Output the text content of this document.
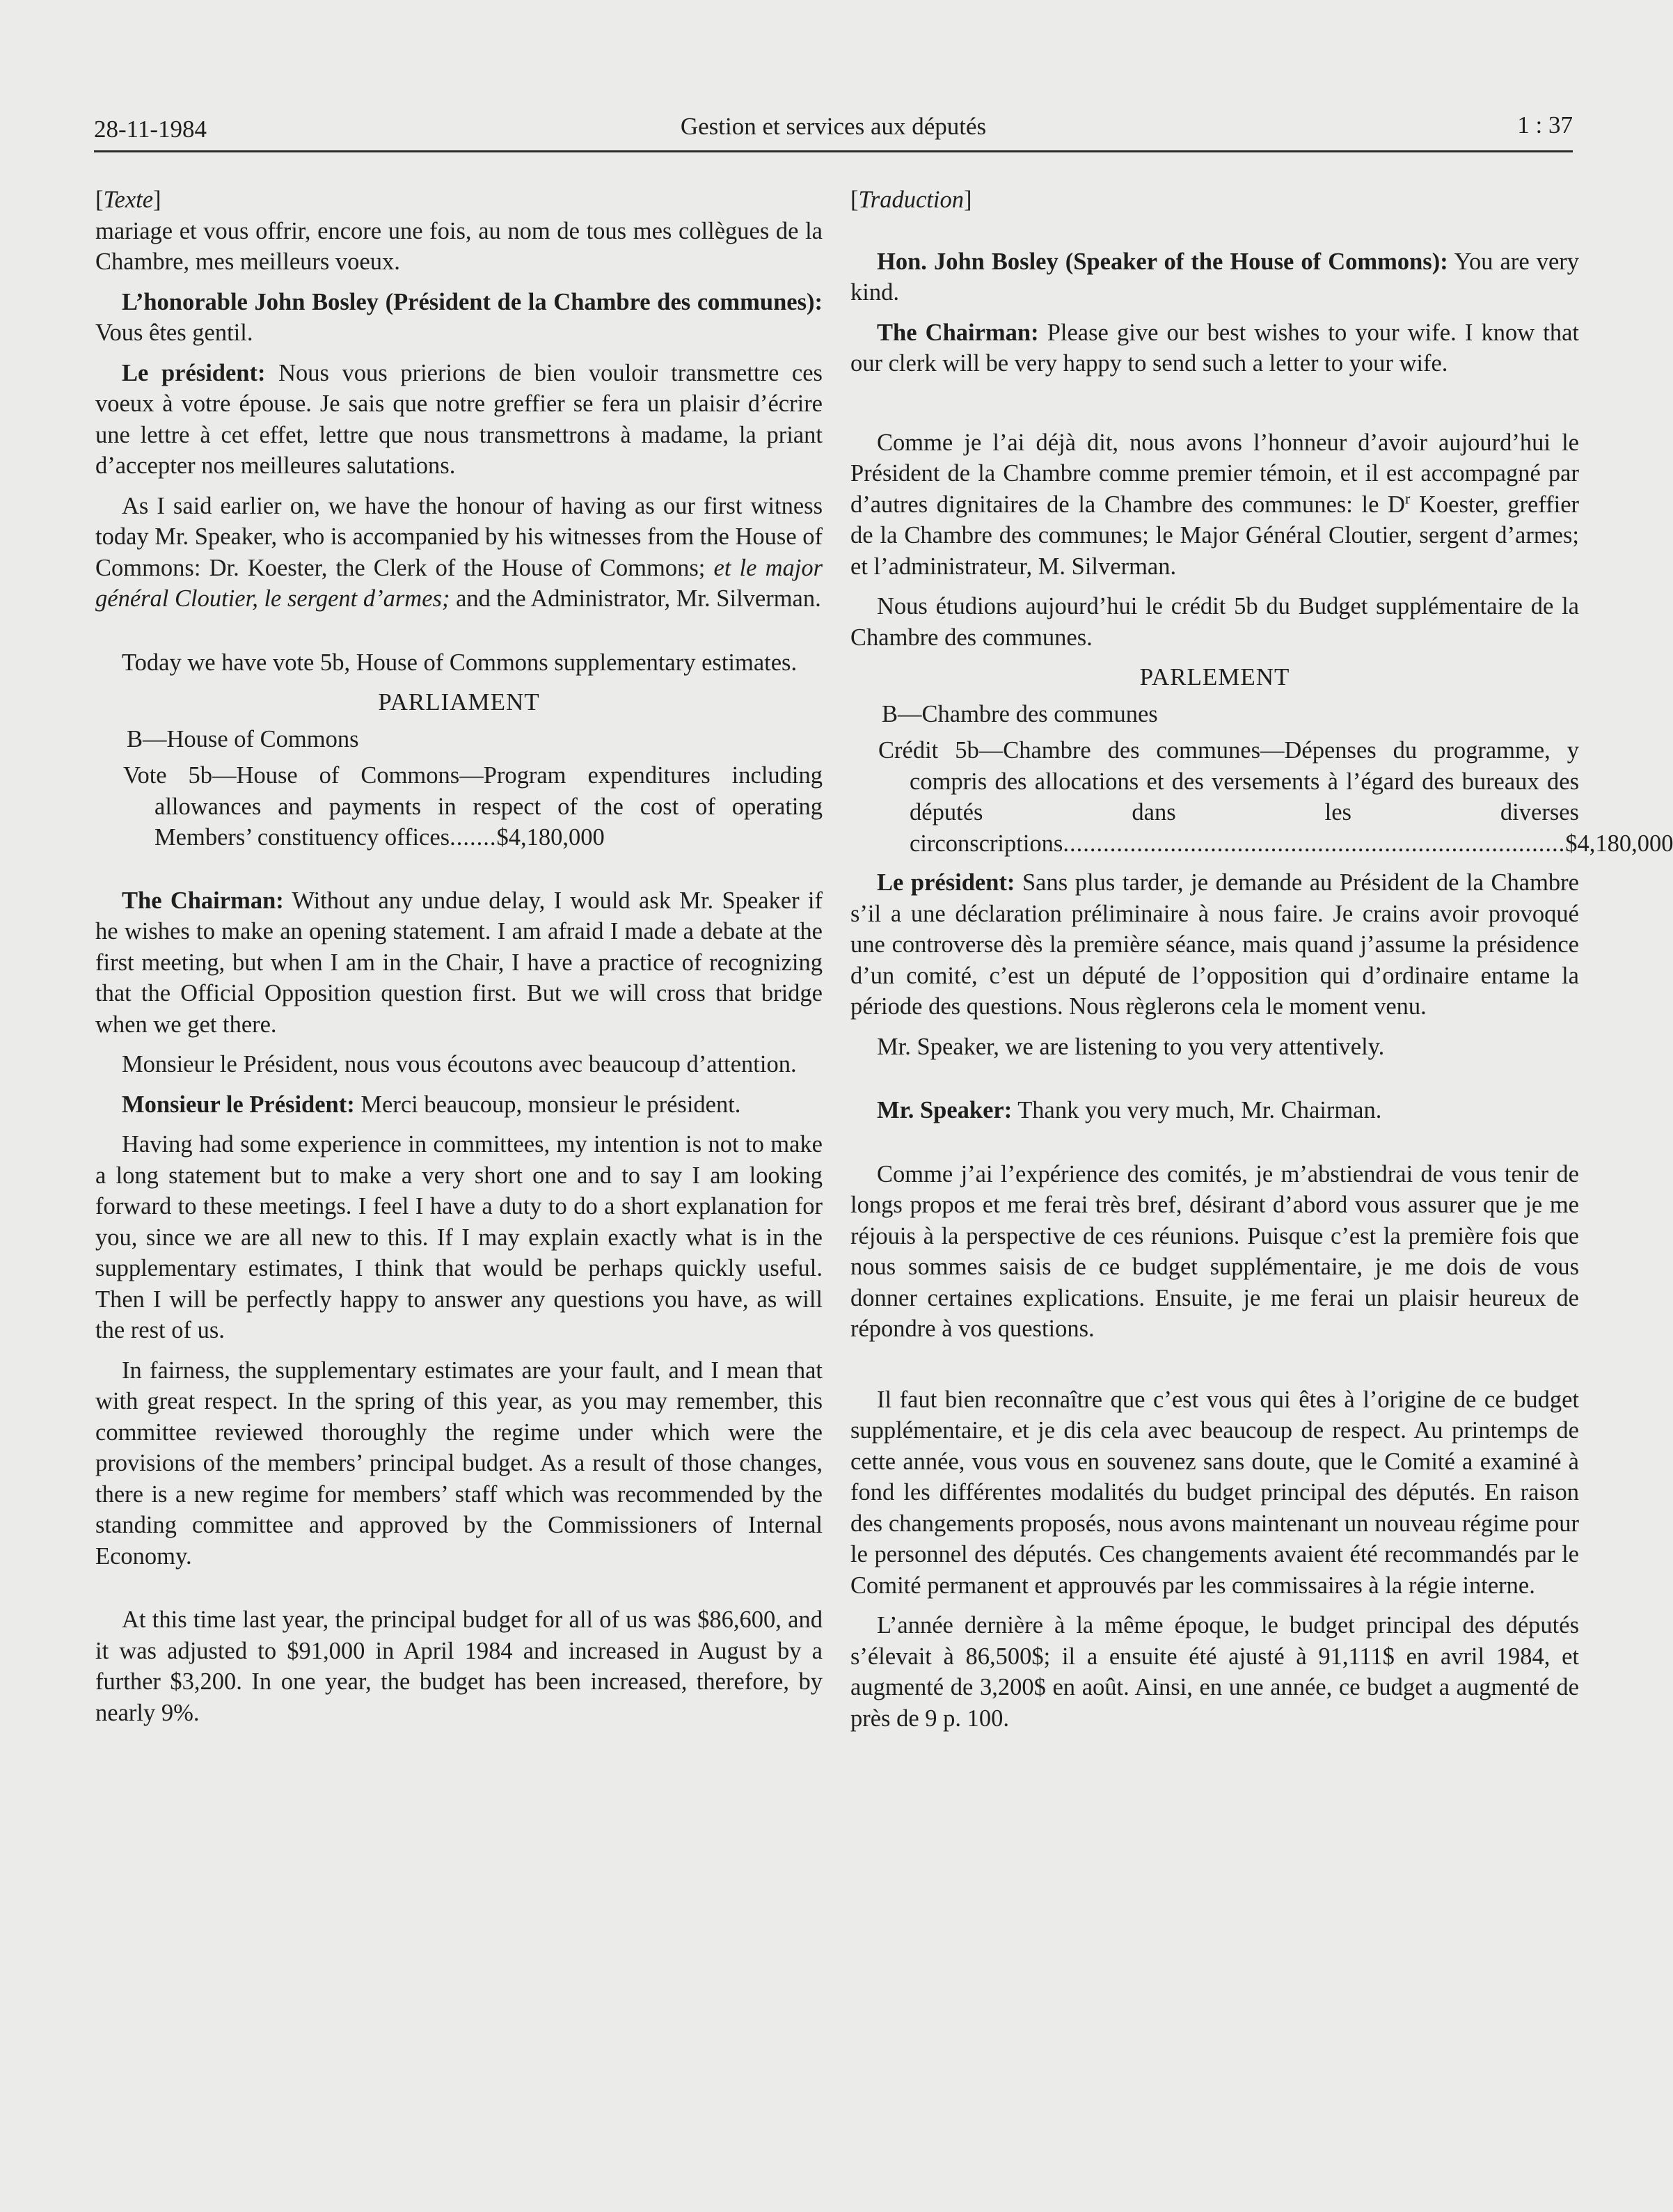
28-11-1984	Gestion et services aux députés	1 : 37

[Texte]

mariage et vous offrir, encore une fois, au nom de tous mes collègues de la Chambre, mes meilleurs voeux.

L’honorable John Bosley (Président de la Chambre des communes): Vous êtes gentil.

Le président: Nous vous prierions de bien vouloir transmettre ces voeux à votre épouse. Je sais que notre greffier se fera un plaisir d’écrire une lettre à cet effet, lettre que nous transmettrons à madame, la priant d’accepter nos meilleures salutations.

As I said earlier on, we have the honour of having as our first witness today Mr. Speaker, who is accompanied by his witnesses from the House of Commons: Dr. Koester, the Clerk of the House of Commons; et le major général Cloutier, le sergent d’armes; and the Administrator, Mr. Silverman.

Today we have vote 5b, House of Commons supplementary estimates.

PARLIAMENT
B—House of Commons
Vote 5b—House of Commons—Program expenditures including allowances and payments in respect of the cost of operating Members’ constituency offices.......$4,180,000

The Chairman: Without any undue delay, I would ask Mr. Speaker if he wishes to make an opening statement. I am afraid I made a debate at the first meeting, but when I am in the Chair, I have a practice of recognizing that the Official Opposition question first. But we will cross that bridge when we get there.

Monsieur le Président, nous vous écoutons avec beaucoup d’attention.

Monsieur le Président: Merci beaucoup, monsieur le président.

Having had some experience in committees, my intention is not to make a long statement but to make a very short one and to say I am looking forward to these meetings. I feel I have a duty to do a short explanation for you, since we are all new to this. If I may explain exactly what is in the supplementary estimates, I think that would be perhaps quickly useful. Then I will be perfectly happy to answer any questions you have, as will the rest of us.

In fairness, the supplementary estimates are your fault, and I mean that with great respect. In the spring of this year, as you may remember, this committee reviewed thoroughly the regime under which were the provisions of the members’ principal budget. As a result of those changes, there is a new regime for members’ staff which was recommended by the standing committee and approved by the Commissioners of Internal Economy.

At this time last year, the principal budget for all of us was $86,600, and it was adjusted to $91,000 in April 1984 and increased in August by a further $3,200. In one year, the budget has been increased, therefore, by nearly 9%.

[Traduction]

Hon. John Bosley (Speaker of the House of Commons): You are very kind.

The Chairman: Please give our best wishes to your wife. I know that our clerk will be very happy to send such a letter to your wife.

Comme je l’ai déjà dit, nous avons l’honneur d’avoir aujourd’hui le Président de la Chambre comme premier témoin, et il est accompagné par d’autres dignitaires de la Chambre des communes: le $D^r$ Koester, greffier de la Chambre des communes; le Major Général Cloutier, sergent d’armes; et l’administrateur, M. Silverman.

Nous étudions aujourd’hui le crédit 5b du Budget supplémentaire de la Chambre des communes.

PARLEMENT
B—Chambre des communes
Crédit 5b—Chambre des communes—Dépenses du programme, y compris des allocations et des versements à l’égard des bureaux des députés dans les diverses circonscriptions...........................................................................$4,180,000

Le président: Sans plus tarder, je demande au Président de la Chambre s’il a une déclaration préliminaire à nous faire. Je crains avoir provoqué une controverse dès la première séance, mais quand j’assume la présidence d’un comité, c’est un député de l’opposition qui d’ordinaire entame la période des questions. Nous règlerons cela le moment venu.

Mr. Speaker, we are listening to you very attentively.

Mr. Speaker: Thank you very much, Mr. Chairman.

Comme j’ai l’expérience des comités, je m’abstiendrai de vous tenir de longs propos et me ferai très bref, désirant d’abord vous assurer que je me réjouis à la perspective de ces réunions. Puisque c’est la première fois que nous sommes saisis de ce budget supplémentaire, je me dois de vous donner certaines explications. Ensuite, je me ferai un plaisir heureux de répondre à vos questions.

Il faut bien reconnaître que c’est vous qui êtes à l’origine de ce budget supplémentaire, et je dis cela avec beaucoup de respect. Au printemps de cette année, vous vous en souvenez sans doute, que le Comité a examiné à fond les différentes modalités du budget principal des députés. En raison des changements proposés, nous avons maintenant un nouveau régime pour le personnel des députés. Ces changements avaient été recommandés par le Comité permanent et approuvés par les commissaires à la régie interne.

L’année dernière à la même époque, le budget principal des députés s’élevait à 86,500$; il a ensuite été ajusté à 91,111$ en avril 1984, et augmenté de 3,200$ en août. Ainsi, en une année, ce budget a augmenté de près de 9 p. 100.
